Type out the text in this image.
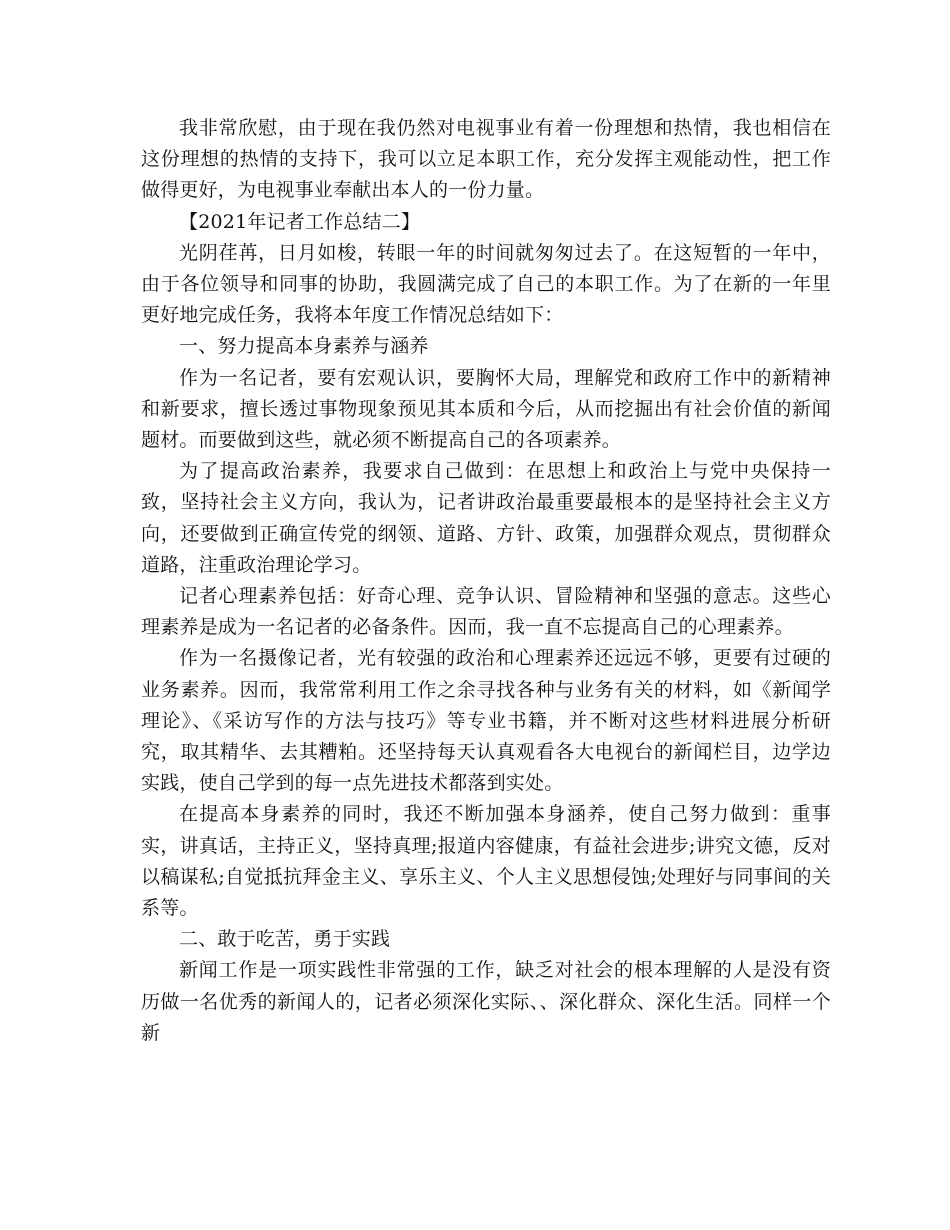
我非常欣慰，由于现在我仍然对电视事业有着一份理想和热情，我也相信在这份理想的热情的支持下，我可以立足本职工作，充分发挥主观能动性，把工作做得更好，为电视事业奉献出本人的一份力量。

【2021年记者工作总结二】

光阴荏苒，日月如梭，转眼一年的时间就匆匆过去了。在这短暂的一年中，由于各位领导和同事的协助，我圆满完成了自己的本职工作。为了在新的一年里更好地完成任务，我将本年度工作情况总结如下：

一、努力提高本身素养与涵养

作为一名记者，要有宏观认识，要胸怀大局，理解党和政府工作中的新精神和新要求，擅长透过事物现象预见其本质和今后，从而挖掘出有社会价值的新闻题材。而要做到这些，就必须不断提高自己的各项素养。

为了提高政治素养，我要求自己做到：在思想上和政治上与党中央保持一致，坚持社会主义方向，我认为，记者讲政治最重要最根本的是坚持社会主义方向，还要做到正确宣传党的纲领、道路、方针、政策，加强群众观点，贯彻群众道路，注重政治理论学习。

记者心理素养包括：好奇心理、竞争认识、冒险精神和坚强的意志。这些心理素养是成为一名记者的必备条件。因而，我一直不忘提高自己的心理素养。

作为一名摄像记者，光有较强的政治和心理素养还远远不够，更要有过硬的业务素养。因而，我常常利用工作之余寻找各种与业务有关的材料，如《新闻学理论》、《采访写作的方法与技巧》等专业书籍，并不断对这些材料进展分析研究，取其精华、去其糟粕。还坚持每天认真观看各大电视台的新闻栏目，边学边实践，使自己学到的每一点先进技术都落到实处。

在提高本身素养的同时，我还不断加强本身涵养，使自己努力做到：重事实，讲真话，主持正义，坚持真理;报道内容健康，有益社会进步;讲究文德，反对以稿谋私;自觉抵抗拜金主义、享乐主义、个人主义思想侵蚀;处理好与同事间的关系等。

二、敢于吃苦，勇于实践

新闻工作是一项实践性非常强的工作，缺乏对社会的根本理解的人是没有资历做一名优秀的新闻人的，记者必须深化实际、、深化群众、深化生活。同样一个新
